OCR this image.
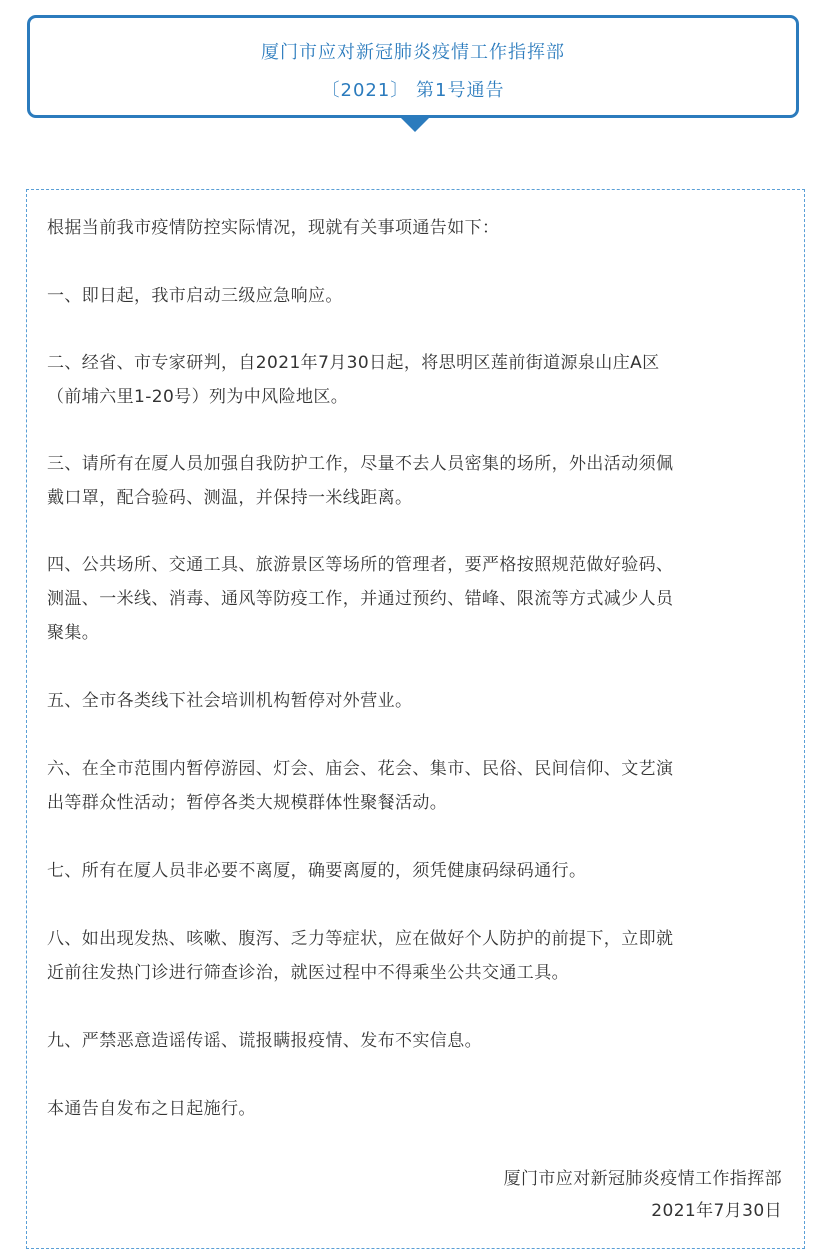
厦门市应对新冠肺炎疫情工作指挥部
〔2021〕 第1号通告
根据当前我市疫情防控实际情况，现就有关事项通告如下：
一、即日起，我市启动三级应急响应。
二、经省、市专家研判，自2021年7月30日起，将思明区莲前街道源泉山庄A区
（前埔六里1-20号）列为中风险地区。
三、请所有在厦人员加强自我防护工作，尽量不去人员密集的场所，外出活动须佩
戴口罩，配合验码、测温，并保持一米线距离。
四、公共场所、交通工具、旅游景区等场所的管理者，要严格按照规范做好验码、
测温、一米线、消毒、通风等防疫工作，并通过预约、错峰、限流等方式减少人员
聚集。
五、全市各类线下社会培训机构暂停对外营业。
六、在全市范围内暂停游园、灯会、庙会、花会、集市、民俗、民间信仰、文艺演
出等群众性活动；暂停各类大规模群体性聚餐活动。
七、所有在厦人员非必要不离厦，确要离厦的，须凭健康码绿码通行。
八、如出现发热、咳嗽、腹泻、乏力等症状，应在做好个人防护的前提下，立即就
近前往发热门诊进行筛查诊治，就医过程中不得乘坐公共交通工具。
九、严禁恶意造谣传谣、谎报瞒报疫情、发布不实信息。
本通告自发布之日起施行。
厦门市应对新冠肺炎疫情工作指挥部
2021年7月30日
